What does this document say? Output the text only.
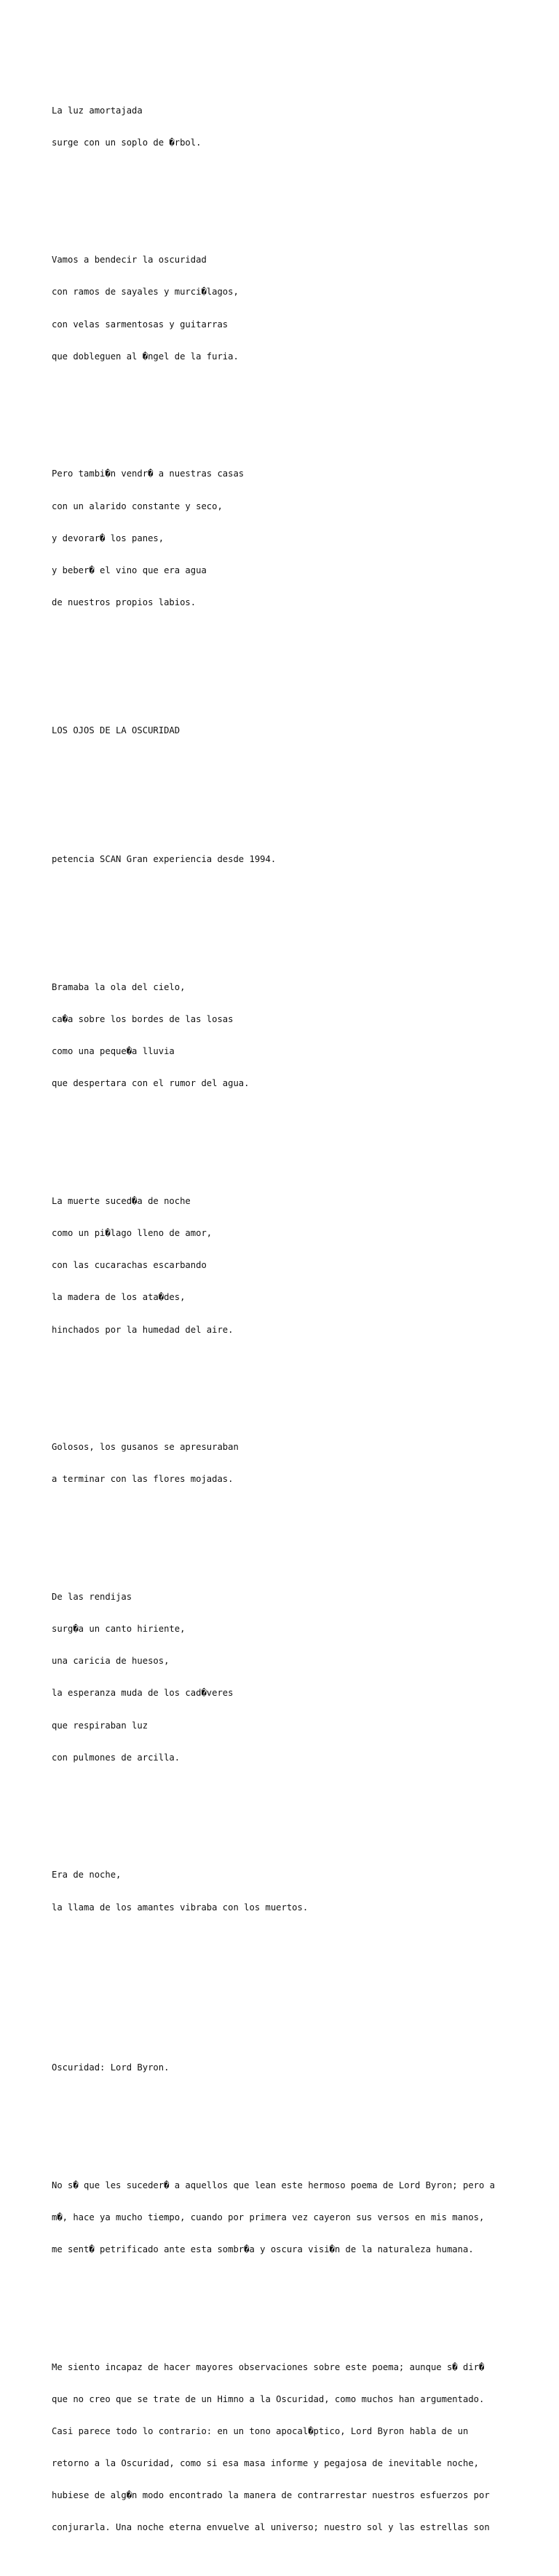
La luz amortajada

surge con un soplo de �rbol.

Vamos a bendecir la oscuridad

con ramos de sayales y murci�lagos,

con velas sarmentosas y guitarras

que dobleguen al �ngel de la furia.

Pero tambi�n vendr� a nuestras casas

con un alarido constante y seco,

y devorar� los panes,

y beber� el vino que era agua

de nuestros propios labios.

LOS OJOS DE LA OSCURIDAD

petencia SCAN Gran experiencia desde 1994.

Bramaba la ola del cielo,

ca�a sobre los bordes de las losas

como una peque�a lluvia

que despertara con el rumor del agua.

La muerte suced�a de noche

como un pi�lago lleno de amor,

con las cucarachas escarbando

la madera de los ata�des,

hinchados por la humedad del aire.

Golosos, los gusanos se apresuraban

a terminar con las flores mojadas.

De las rendijas

surg�a un canto hiriente,

una caricia de huesos,

la esperanza muda de los cad�veres

que respiraban luz

con pulmones de arcilla.

Era de noche,

la llama de los amantes vibraba con los muertos.

Oscuridad: Lord Byron.

No s� que les suceder� a aquellos que lean este hermoso poema de Lord Byron; pero a

m�, hace ya mucho tiempo, cuando por primera vez cayeron sus versos en mis manos,

me sent� petrificado ante esta sombr�a y oscura visi�n de la naturaleza humana.

Me siento incapaz de hacer mayores observaciones sobre este poema; aunque s� dir�

que no creo que se trate de un Himno a la Oscuridad, como muchos han argumentado.

Casi parece todo lo contrario: en un tono apocal�ptico, Lord Byron habla de un

retorno a la Oscuridad, como si esa masa informe y pegajosa de inevitable noche,

hubiese de alg�n modo encontrado la manera de contrarrestar nuestros esfuerzos por

conjurarla. Una noche eterna envuelve al universo; nuestro sol y las estrellas son
